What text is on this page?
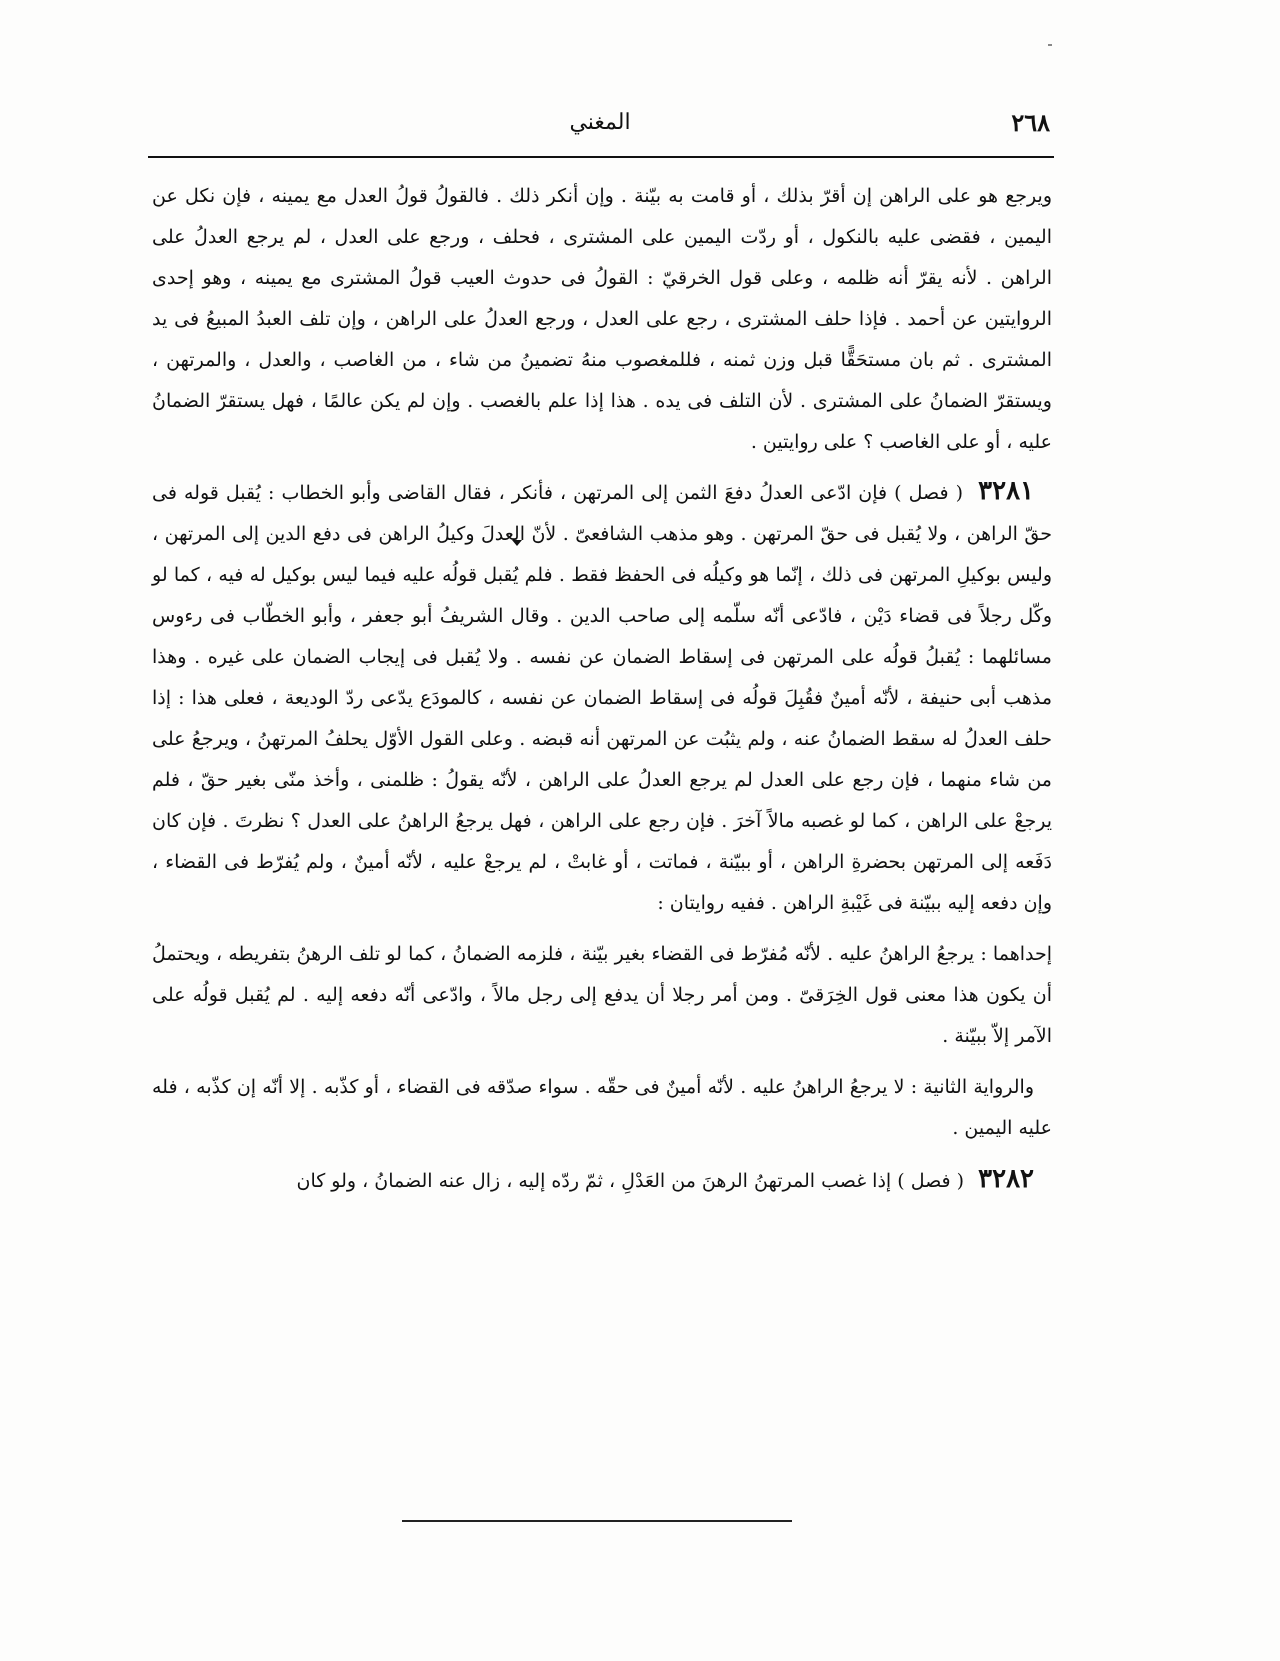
٢٦٨
المغني

ويرجع هو على الراهن إن أقرّ بذلك ، أو قامت به بيّنة . وإن أنكر ذلك . فالقولُ قولُ العدل مع يمينه ، فإن نكل عن اليمين ، فقضى عليه بالنكول ، أو ردّت اليمين على المشترى ، فحلف ، ورجع على العدل ، لم يرجع العدلُ على الراهن . لأنه يقرّ أنه ظلمه ، وعلى قول الخرقيّ : القولُ فى حدوث العيب قولُ المشترى مع يمينه ، وهو إحدى الروايتين عن أحمد . فإذا حلف المشترى ، رجع على العدل ، ورجع العدلُ على الراهن ، وإن تلف العبدُ المبيعُ فى يد المشترى . ثم بان مستحَقًّا قبل وزن ثمنه ، فللمغصوب منهُ تضمينُ من شاء ، من الغاصب ، والعدل ، والمرتهن ، ويستقرّ الضمانُ على المشترى . لأن التلف فى يده . هذا إذا علم بالغصب . وإن لم يكن عالمًا ، فهل يستقرّ الضمانُ عليه ، أو على الغاصب ؟ على روايتين .

٣٢٨١ ( فصل ) فإن ادّعى العدلُ دفعَ الثمن إلى المرتهن ، فأنكر ، فقال القاضى وأبو الخطاب : يُقبل قوله فى حقّ الراهن ، ولا يُقبل فى حقّ المرتهن . وهو مذهب الشافعىّ . لأنّ العدلَ وكيلُ الراهن فى دفع الدين إلى المرتهن ، وليس بوكيلِ المرتهن فى ذلك ، إنّما هو وكيلُه فى الحفظ فقط . فلم يُقبل قولُه عليه فيما ليس بوكيل له فيه ، كما لو وكّل رجلاً فى قضاء دَيْن ، فادّعى أنّه سلّمه إلى صاحب الدين . وقال الشريفُ أبو جعفر ، وأبو الخطّاب فى رءوس مسائلهما : يُقبلُ قولُه على المرتهن فى إسقاط الضمان عن نفسه . ولا يُقبل فى إيجاب الضمان على غيره . وهذا مذهب أبى حنيفة ، لأنّه أمينٌ فقُبِلَ قولُه فى إسقاط الضمان عن نفسه ، كالمودَع يدّعى ردّ الوديعة ، فعلى هذا : إذا حلف العدلُ له سقط الضمانُ عنه ، ولم يثبُت عن المرتهن أنه قبضه . وعلى القول الأوّل يحلفُ المرتهنُ ، ويرجعُ على من شاء منهما ، فإن رجع على العدل لم يرجع العدلُ على الراهن ، لأنّه يقولُ : ظلمنى ، وأخذ منّى بغير حقّ ، فلم يرجعْ على الراهن ، كما لو غصبه مالاً آخرَ . فإن رجع على الراهن ، فهل يرجعُ الراهنُ على العدل ؟ نظرتَ . فإن كان دَفَعه إلى المرتهن بحضرةِ الراهن ، أو ببيّنة ، فماتت ، أو غابتْ ، لم يرجعْ عليه ، لأنّه أمينٌ ، ولم يُفرّط فى القضاء ، وإن دفعه إليه ببيّنة فى غَيْبةِ الراهن . ففيه روايتان :

إحداهما : يرجعُ الراهنُ عليه . لأنّه مُفرّط فى القضاء بغير بيّنة ، فلزمه الضمانُ ، كما لو تلف الرهنُ بتفريطه ، ويحتملُ أن يكون هذا معنى قول الخِرَقىّ . ومن أمر رجلا أن يدفع إلى رجل مالاً ، وادّعى أنّه دفعه إليه . لم يُقبل قولُه على الآمر إلاّ ببيّنة .

والرواية الثانية : لا يرجعُ الراهنُ عليه . لأنّه أمينٌ فى حقّه . سواء صدّقه فى القضاء ، أو كذّبه . إلا أنّه إن كذّبه ، فله عليه اليمين .

٣٢٨٢ ( فصل ) إذا غصب المرتهنُ الرهنَ من العَدْلِ ، ثمّ ردّه إليه ، زال عنه الضمانُ ، ولو كان
